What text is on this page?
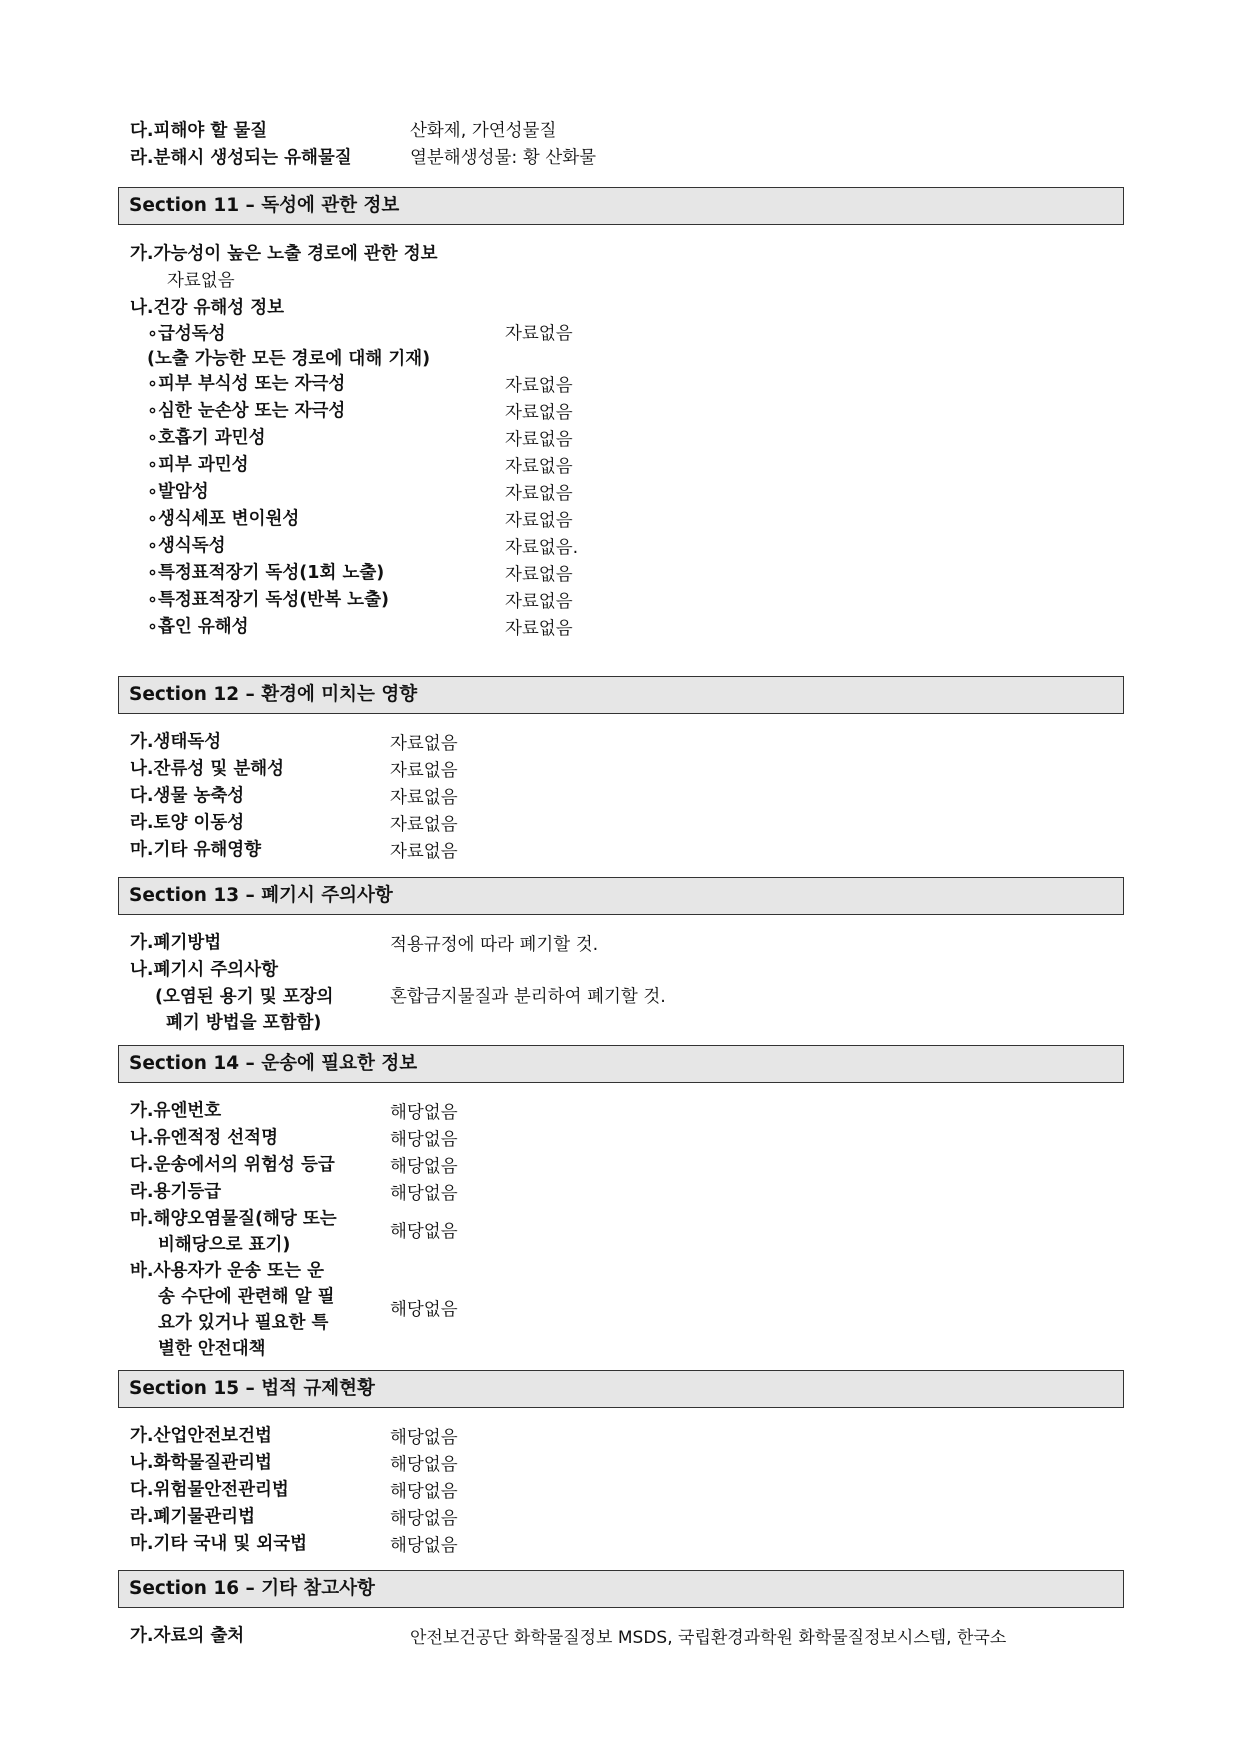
다.피해야 할 물질	산화제, 가연성물질
라.분해시 생성되는 유해물질	열분해생성물: 황 산화물
Section 11 – 독성에 관한 정보
가.가능성이 높은 노출 경로에 관한 정보
자료없음
나.건강 유해성 정보
∘급성독성	자료없음
(노출 가능한 모든 경로에 대해 기재)
∘피부 부식성 또는 자극성	자료없음
∘심한 눈손상 또는 자극성	자료없음
∘호흡기 과민성	자료없음
∘피부 과민성	자료없음
∘발암성	자료없음
∘생식세포 변이원성	자료없음
∘생식독성	자료없음.
∘특정표적장기 독성(1회 노출)	자료없음
∘특정표적장기 독성(반복 노출)	자료없음
∘흡인 유해성	자료없음
Section 12 – 환경에 미치는 영향
가.생태독성	자료없음
나.잔류성 및 분해성	자료없음
다.생물 농축성	자료없음
라.토양 이동성	자료없음
마.기타 유해영향	자료없음
Section 13 – 폐기시 주의사항
가.폐기방법	적용규정에 따라 폐기할 것.
나.폐기시 주의사항
(오염된 용기 및 포장의	혼합금지물질과 분리하여 폐기할 것.
폐기 방법을 포함함)
Section 14 – 운송에 필요한 정보
가.유엔번호	해당없음
나.유엔적정 선적명	해당없음
다.운송에서의 위험성 등급	해당없음
라.용기등급	해당없음
마.해양오염물질(해당 또는
비해당으로 표기)
해당없음
바.사용자가 운송 또는 운
송 수단에 관련해 알 필
요가 있거나 필요한 특
별한 안전대책
해당없음
Section 15 – 법적 규제현황
가.산업안전보건법	해당없음
나.화학물질관리법	해당없음
다.위험물안전관리법	해당없음
라.폐기물관리법	해당없음
마.기타 국내 및 외국법	해당없음
Section 16 – 기타 참고사항
가.자료의 출처	안전보건공단 화학물질정보 MSDS, 국립환경과학원 화학물질정보시스템, 한국소
